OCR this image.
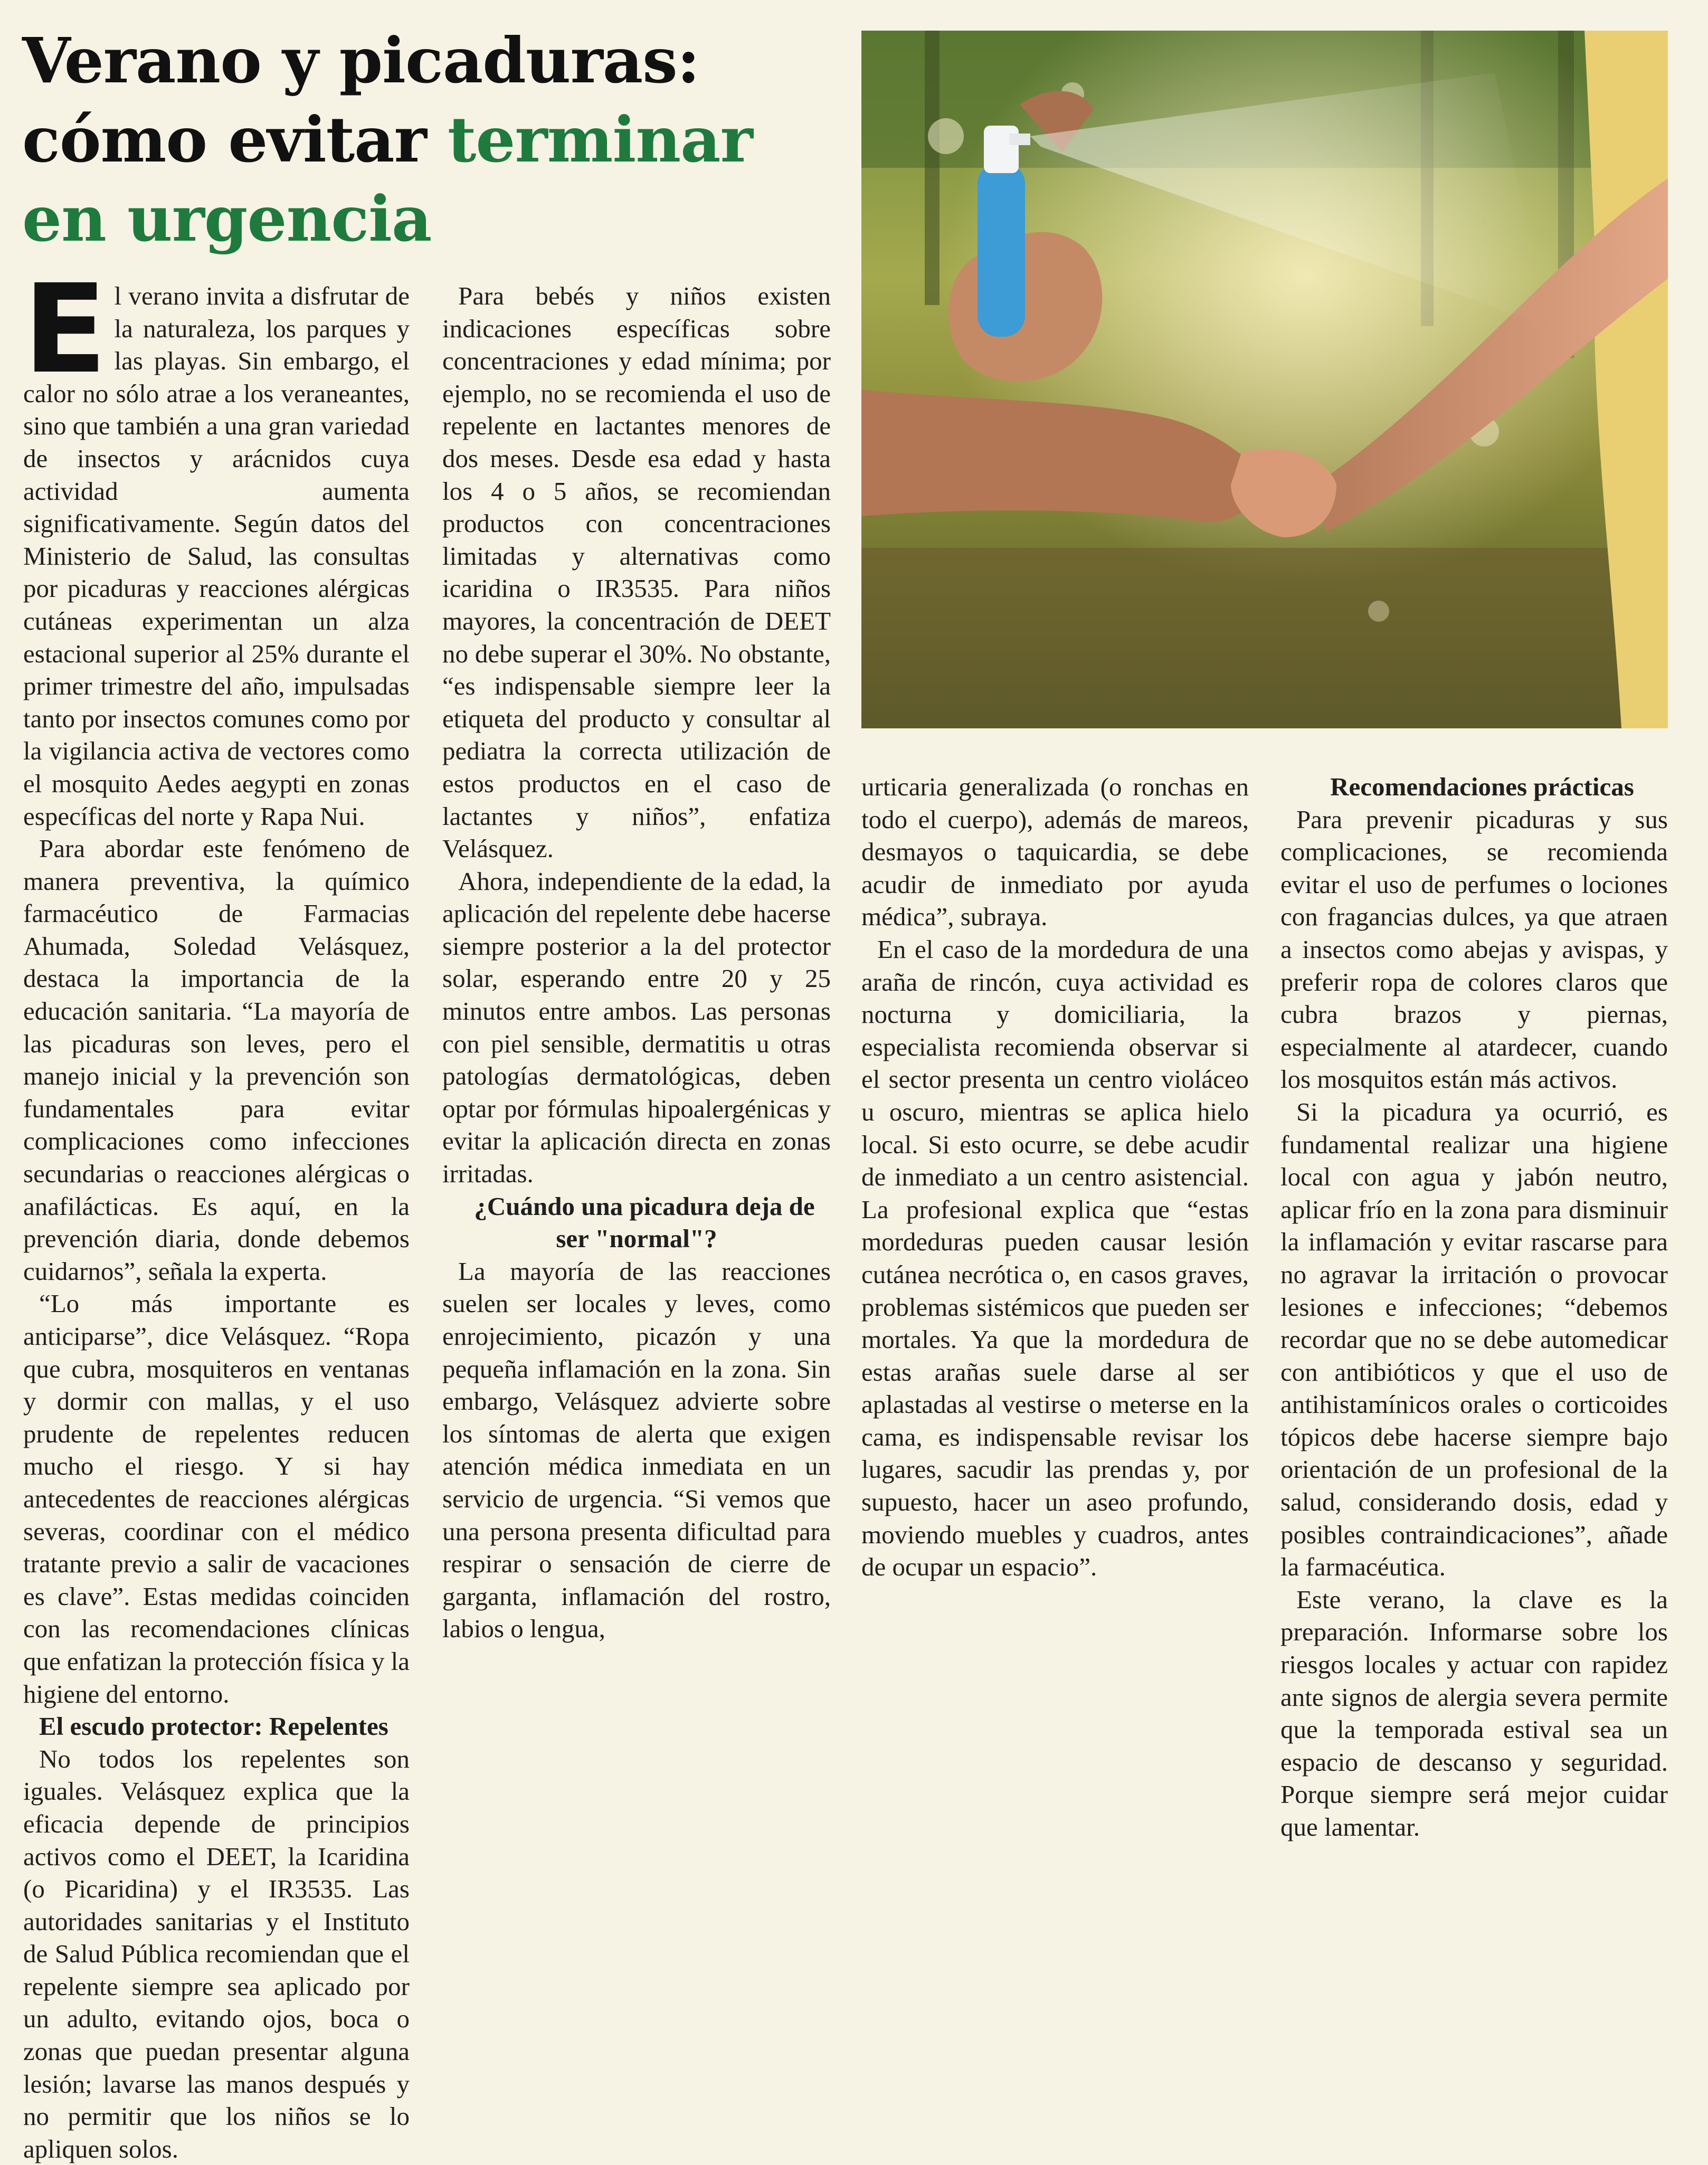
Verano y picaduras:
cómo evitar terminar
en urgencia

El verano invita a disfrutar de la naturaleza, los parques y las playas. Sin embargo, el calor no sólo atrae a los veraneantes, sino que también a una gran variedad de insectos y arácnidos cuya actividad aumenta significativamente. Según datos del Ministerio de Salud, las consultas por picaduras y reacciones alérgicas cutáneas experimentan un alza estacional superior al 25% durante el primer trimestre del año, impulsadas tanto por insectos comunes como por la vigilancia activa de vectores como el mosquito Aedes aegypti en zonas específicas del norte y Rapa Nui.

Para abordar este fenómeno de manera preventiva, la químico farmacéutico de Farmacias Ahumada, Soledad Velásquez, destaca la importancia de la educación sanitaria. “La mayoría de las picaduras son leves, pero el manejo inicial y la prevención son fundamentales para evitar complicaciones como infecciones secundarias o reacciones alérgicas o anafilácticas. Es aquí, en la prevención diaria, donde debemos cuidarnos”, señala la experta.

“Lo más importante es anticiparse”, dice Velásquez. “Ropa que cubra, mosquiteros en ventanas y dormir con mallas, y el uso prudente de repelentes reducen mucho el riesgo. Y si hay antecedentes de reacciones alérgicas severas, coordinar con el médico tratante previo a salir de vacaciones es clave”. Estas medidas coinciden con las recomendaciones clínicas que enfatizan la protección física y la higiene del entorno.

El escudo protector: Repelentes

No todos los repelentes son iguales. Velásquez explica que la eficacia depende de principios activos como el DEET, la Icaridina (o Picaridina) y el IR3535. Las autoridades sanitarias y el Instituto de Salud Pública recomiendan que el repelente siempre sea aplicado por un adulto, evitando ojos, boca o zonas que puedan presentar alguna lesión; lavarse las manos después y no permitir que los niños se lo apliquen solos.

Para bebés y niños existen indicaciones específicas sobre concentraciones y edad mínima; por ejemplo, no se recomienda el uso de repelente en lactantes menores de dos meses. Desde esa edad y hasta los 4 o 5 años, se recomiendan productos con concentraciones limitadas y alternativas como icaridina o IR3535. Para niños mayores, la concentración de DEET no debe superar el 30%. No obstante, “es indispensable siempre leer la etiqueta del producto y consultar al pediatra la correcta utilización de estos productos en el caso de lactantes y niños”, enfatiza Velásquez.

Ahora, independiente de la edad, la aplicación del repelente debe hacerse siempre posterior a la del protector solar, esperando entre 20 y 25 minutos entre ambos. Las personas con piel sensible, dermatitis u otras patologías dermatológicas, deben optar por fórmulas hipoalergénicas y evitar la aplicación directa en zonas irritadas.

¿Cuándo una picadura deja de ser "normal"?

La mayoría de las reacciones suelen ser locales y leves, como enrojecimiento, picazón y una pequeña inflamación en la zona. Sin embargo, Velásquez advierte sobre los síntomas de alerta que exigen atención médica inmediata en un servicio de urgencia. “Si vemos que una persona presenta dificultad para respirar o sensación de cierre de garganta, inflamación del rostro, labios o lengua,

urticaria generalizada (o ronchas en todo el cuerpo), además de mareos, desmayos o taquicardia, se debe acudir de inmediato por ayuda médica”, subraya.

En el caso de la mordedura de una araña de rincón, cuya actividad es nocturna y domiciliaria, la especialista recomienda observar si el sector presenta un centro violáceo u oscuro, mientras se aplica hielo local. Si esto ocurre, se debe acudir de inmediato a un centro asistencial. La profesional explica que “estas mordeduras pueden causar lesión cutánea necrótica o, en casos graves, problemas sistémicos que pueden ser mortales. Ya que la mordedura de estas arañas suele darse al ser aplastadas al vestirse o meterse en la cama, es indispensable revisar los lugares, sacudir las prendas y, por supuesto, hacer un aseo profundo, moviendo muebles y cuadros, antes de ocupar un espacio”.

Recomendaciones prácticas

Para prevenir picaduras y sus complicaciones, se recomienda evitar el uso de perfumes o lociones con fragancias dulces, ya que atraen a insectos como abejas y avispas, y preferir ropa de colores claros que cubra brazos y piernas, especialmente al atardecer, cuando los mosquitos están más activos.

Si la picadura ya ocurrió, es fundamental realizar una higiene local con agua y jabón neutro, aplicar frío en la zona para disminuir la inflamación y evitar rascarse para no agravar la irritación o provocar lesiones e infecciones; “debemos recordar que no se debe automedicar con antibióticos y que el uso de antihistamínicos orales o corticoides tópicos debe hacerse siempre bajo orientación de un profesional de la salud, considerando dosis, edad y posibles contraindicaciones”, añade la farmacéutica.

Este verano, la clave es la preparación. Informarse sobre los riesgos locales y actuar con rapidez ante signos de alergia severa permite que la temporada estival sea un espacio de descanso y seguridad. Porque siempre será mejor cuidar que lamentar.
